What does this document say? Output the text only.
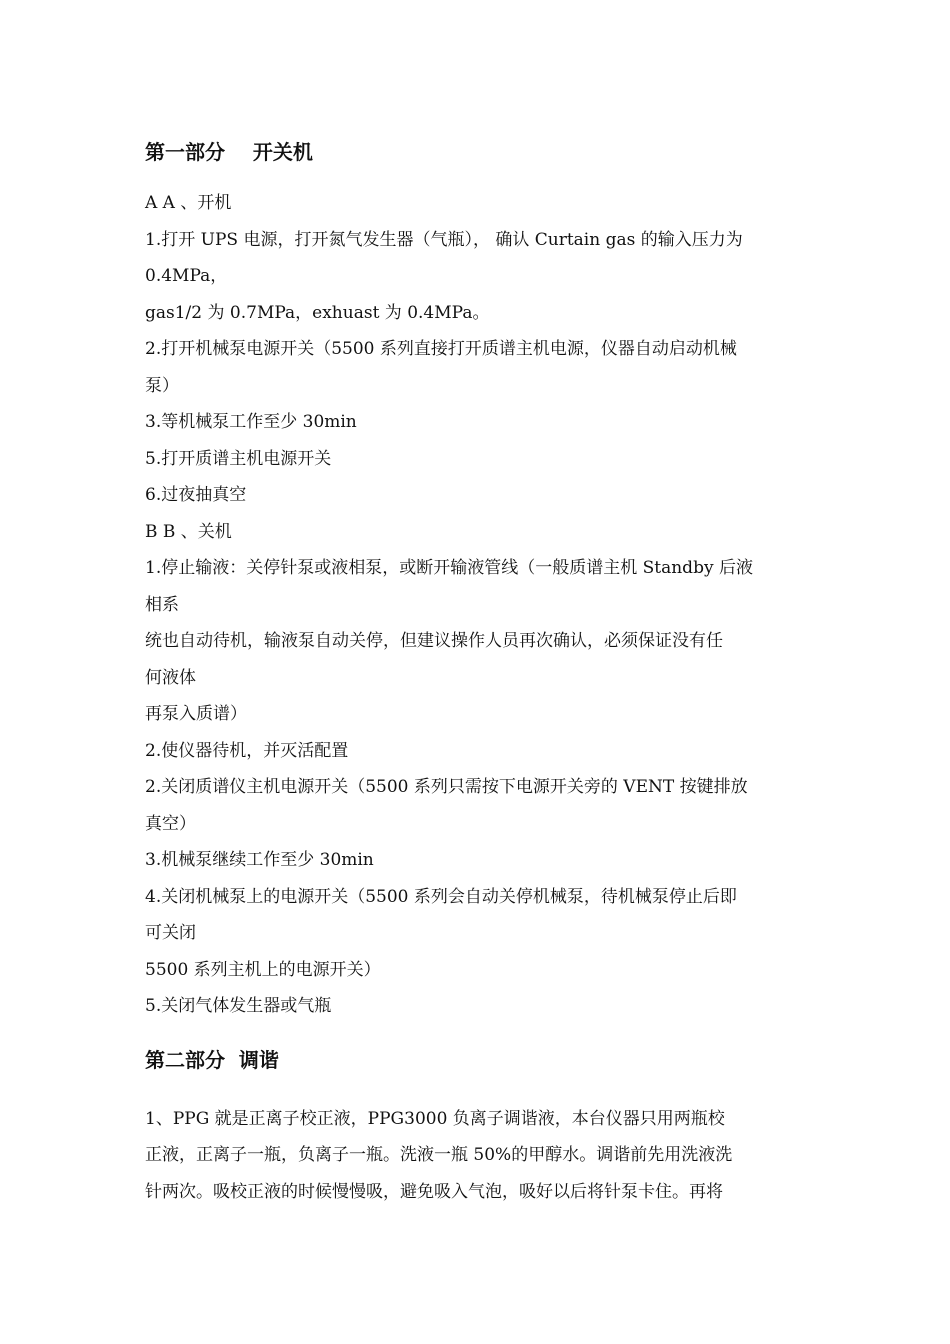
第一部分    开关机

A A 、开机

1.打开 UPS 电源，打开氮气发生器（气瓶）， 确认 Curtain gas 的输入压力为

0.4MPa，

gas1/2 为 0.7MPa，exhuast 为 0.4MPa。

2.打开机械泵电源开关（5500 系列直接打开质谱主机电源，仪器自动启动机械

泵）

3.等机械泵工作至少 30min

5.打开质谱主机电源开关

6.过夜抽真空

B B 、关机

1.停止输液：关停针泵或液相泵，或断开输液管线（一般质谱主机 Standby 后液

相系

统也自动待机，输液泵自动关停，但建议操作人员再次确认，必须保证没有任

何液体

再泵入质谱）

2.使仪器待机，并灭活配置

2.关闭质谱仪主机电源开关（5500 系列只需按下电源开关旁的 VENT 按键排放

真空）

3.机械泵继续工作至少 30min

4.关闭机械泵上的电源开关（5500 系列会自动关停机械泵，待机械泵停止后即

可关闭

5500 系列主机上的电源开关）

5.关闭气体发生器或气瓶

第二部分  调谐

1、PPG 就是正离子校正液，PPG3000 负离子调谐液，本台仪器只用两瓶校

正液，正离子一瓶，负离子一瓶。洗液一瓶 50%的甲醇水。调谐前先用洗液洗

针两次。吸校正液的时候慢慢吸，避免吸入气泡，吸好以后将针泵卡住。再将
